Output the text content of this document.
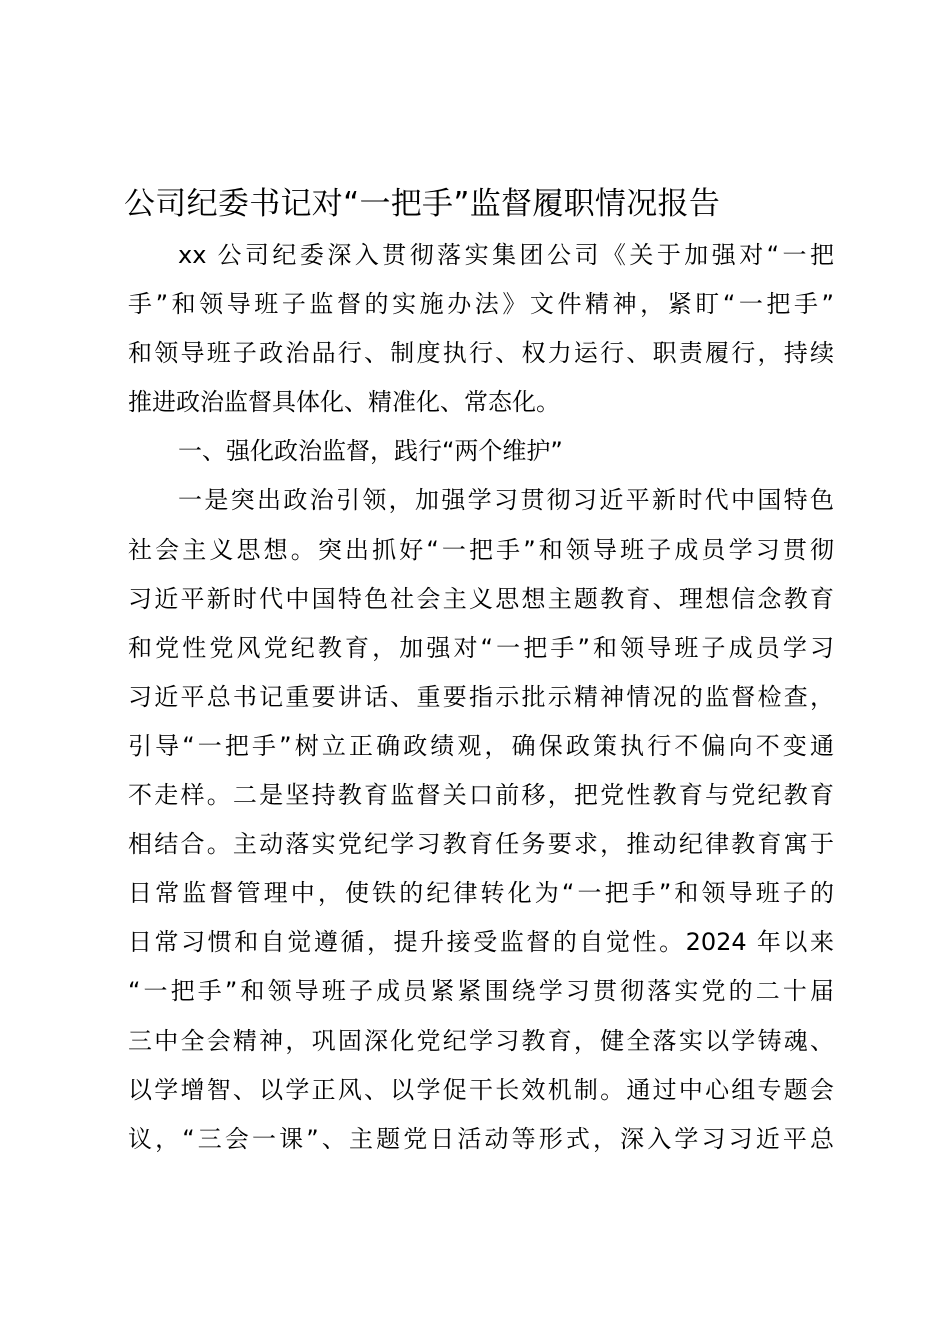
公司纪委书记对“一把手”监督履职情况报告

xx 公司纪委深入贯彻落实集团公司《关于加强对“一把
手”和领导班子监督的实施办法》文件精神，紧盯“一把手”
和领导班子政治品行、制度执行、权力运行、职责履行，持续
推进政治监督具体化、精准化、常态化。

一、强化政治监督，践行“两个维护”

一是突出政治引领，加强学习贯彻习近平新时代中国特色
社会主义思想。突出抓好“一把手”和领导班子成员学习贯彻
习近平新时代中国特色社会主义思想主题教育、理想信念教育
和党性党风党纪教育，加强对“一把手”和领导班子成员学习
习近平总书记重要讲话、重要指示批示精神情况的监督检查，
引导“一把手”树立正确政绩观，确保政策执行不偏向不变通
不走样。二是坚持教育监督关口前移，把党性教育与党纪教育
相结合。主动落实党纪学习教育任务要求，推动纪律教育寓于
日常监督管理中，使铁的纪律转化为“一把手”和领导班子的
日常习惯和自觉遵循，提升接受监督的自觉性。2024 年以来
“一把手”和领导班子成员紧紧围绕学习贯彻落实党的二十届
三中全会精神，巩固深化党纪学习教育，健全落实以学铸魂、
以学增智、以学正风、以学促干长效机制。通过中心组专题会
议，“三会一课”、主题党日活动等形式，深入学习习近平总
